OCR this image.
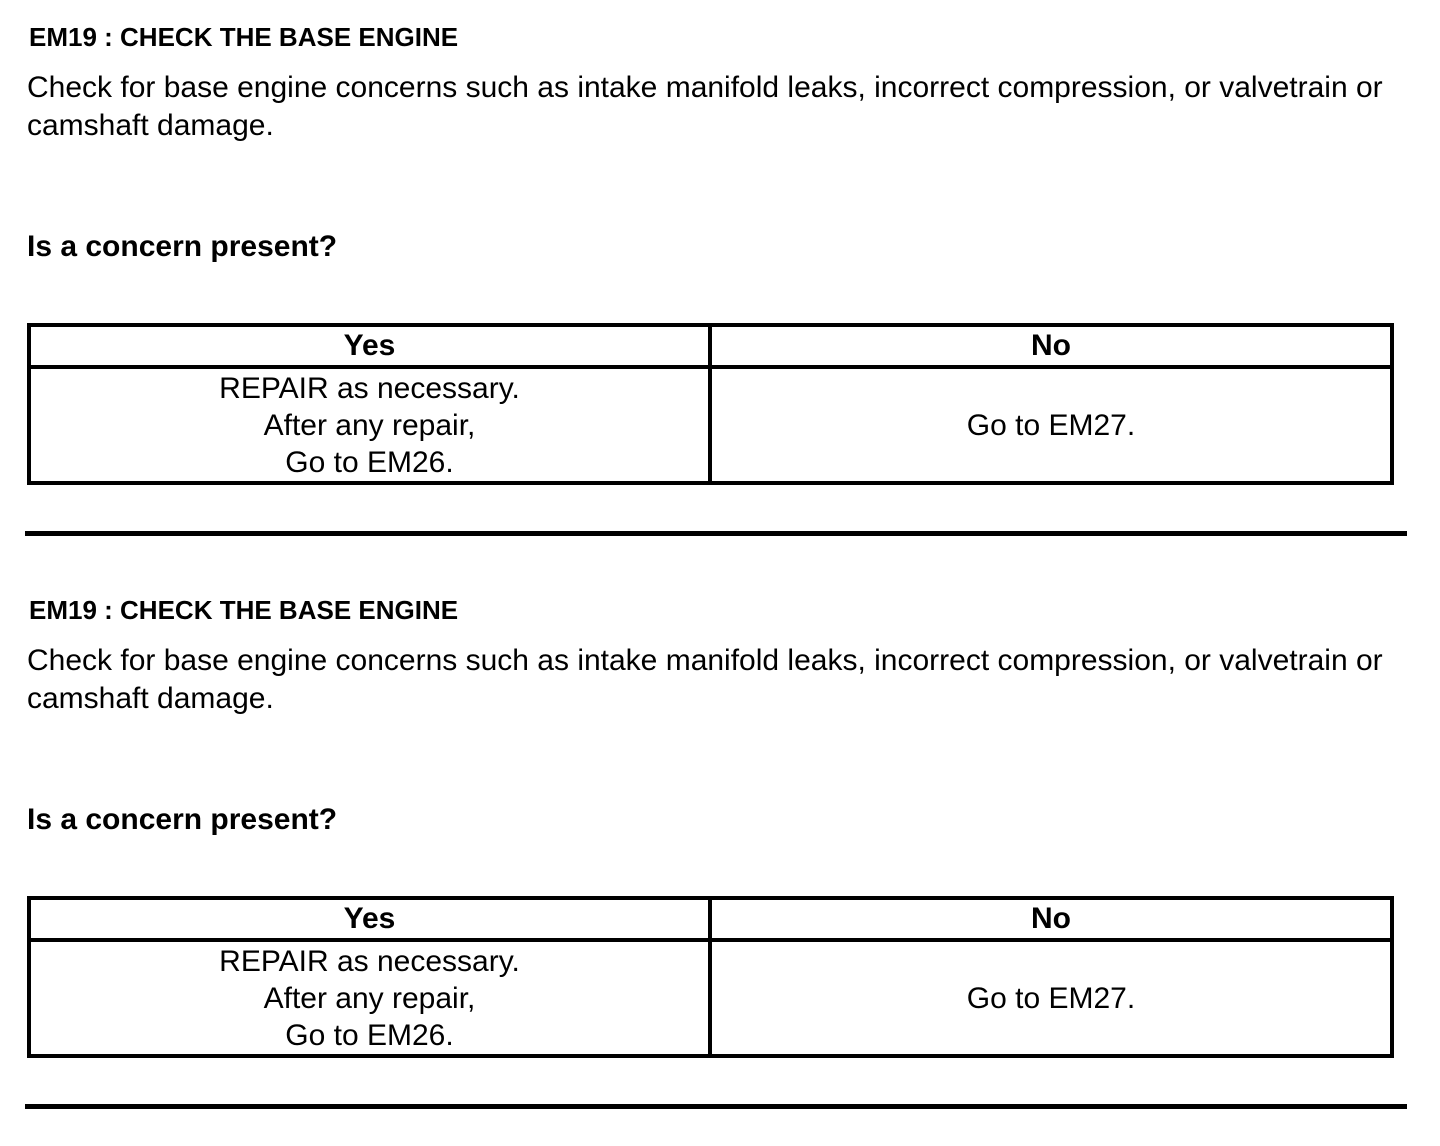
EM19 : CHECK THE BASE ENGINE

Check for base engine concerns such as intake manifold leaks, incorrect compression, or valvetrain or camshaft damage.

Is a concern present?

Yes	No

REPAIR as necessary.
After any repair,
Go to EM26.	Go to EM27.
EM19 : CHECK THE BASE ENGINE

Check for base engine concerns such as intake manifold leaks, incorrect compression, or valvetrain or camshaft damage.

Is a concern present?

Yes	No

REPAIR as necessary.
After any repair,
Go to EM26.	Go to EM27.
